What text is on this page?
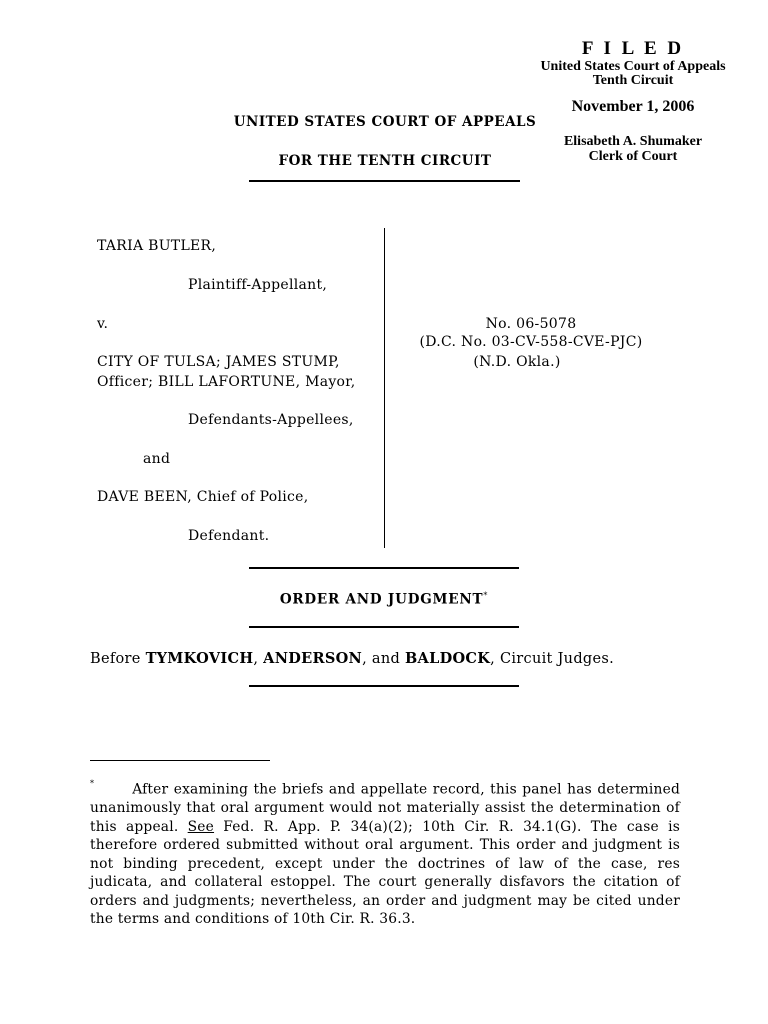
F I L E D
United States Court of Appeals
Tenth Circuit
November 1, 2006
Elisabeth A. Shumaker
Clerk of Court
UNITED STATES COURT OF APPEALS
FOR THE TENTH CIRCUIT
TARIA BUTLER,
Plaintiff-Appellant,
v.
CITY OF TULSA; JAMES STUMP,
Officer; BILL LAFORTUNE, Mayor,
Defendants-Appellees,
and
DAVE BEEN, Chief of Police,
Defendant.
No. 06-5078
(D.C. No. 03-CV-558-CVE-PJC)
(N.D. Okla.)
ORDER AND JUDGMENT*
Before TYMKOVICH, ANDERSON, and BALDOCK, Circuit Judges.
*	After examining the briefs and appellate record, this panel has determined unanimously that oral argument would not materially assist the determination of this appeal. See Fed. R. App. P. 34(a)(2); 10th Cir. R. 34.1(G). The case is therefore ordered submitted without oral argument. This order and judgment is not binding precedent, except under the doctrines of law of the case, res judicata, and collateral estoppel. The court generally disfavors the citation of orders and judgments; nevertheless, an order and judgment may be cited under the terms and conditions of 10th Cir. R. 36.3.
